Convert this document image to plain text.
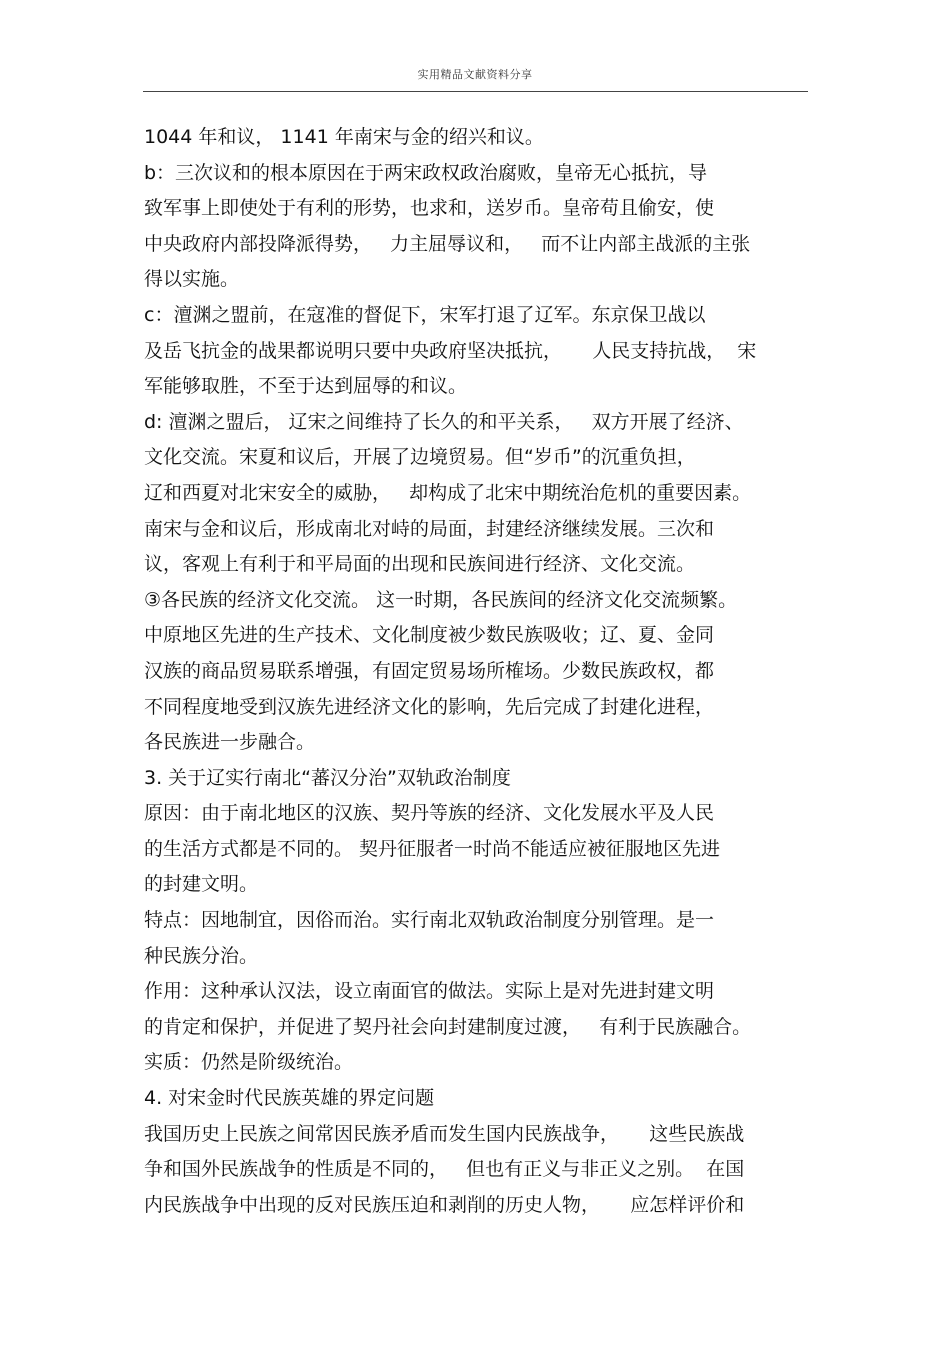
实用精品文献资料分享
1044 年和议， 1141 年南宋与金的绍兴和议。
b：三次议和的根本原因在于两宋政权政治腐败，皇帝无心抵抗，导
致军事上即使处于有利的形势，也求和，送岁币。皇帝苟且偷安，使
中央政府内部投降派得势，   力主屈辱议和，   而不让内部主战派的主张
得以实施。
c：澶渊之盟前，在寇准的督促下，宋军打退了辽军。东京保卫战以
及岳飞抗金的战果都说明只要中央政府坚决抵抗，     人民支持抗战，  宋
军能够取胜，不至于达到屈辱的和议。
d: 澶渊之盟后， 辽宋之间维持了长久的和平关系，   双方开展了经济、
文化交流。宋夏和议后，开展了边境贸易。但“岁币”的沉重负担，
辽和西夏对北宋安全的威胁，   却构成了北宋中期统治危机的重要因素。
南宋与金和议后，形成南北对峙的局面，封建经济继续发展。三次和
议，客观上有利于和平局面的出现和民族间进行经济、文化交流。
③各民族的经济文化交流。 这一时期，各民族间的经济文化交流频繁。
中原地区先进的生产技术、文化制度被少数民族吸收；辽、夏、金同
汉族的商品贸易联系增强，有固定贸易场所榷场。少数民族政权，都
不同程度地受到汉族先进经济文化的影响，先后完成了封建化进程，
各民族进一步融合。
3. 关于辽实行南北“蕃汉分治”双轨政治制度
原因：由于南北地区的汉族、契丹等族的经济、文化发展水平及人民
的生活方式都是不同的。 契丹征服者一时尚不能适应被征服地区先进
的封建文明。
特点：因地制宜，因俗而治。实行南北双轨政治制度分别管理。是一
种民族分治。
作用：这种承认汉法，设立南面官的做法。实际上是对先进封建文明
的肯定和保护，并促进了契丹社会向封建制度过渡，   有利于民族融合。
实质：仍然是阶级统治。
4. 对宋金时代民族英雄的界定问题
我国历史上民族之间常因民族矛盾而发生国内民族战争，     这些民族战
争和国外民族战争的性质是不同的，   但也有正义与非正义之别。  在国
内民族战争中出现的反对民族压迫和剥削的历史人物，     应怎样评价和
